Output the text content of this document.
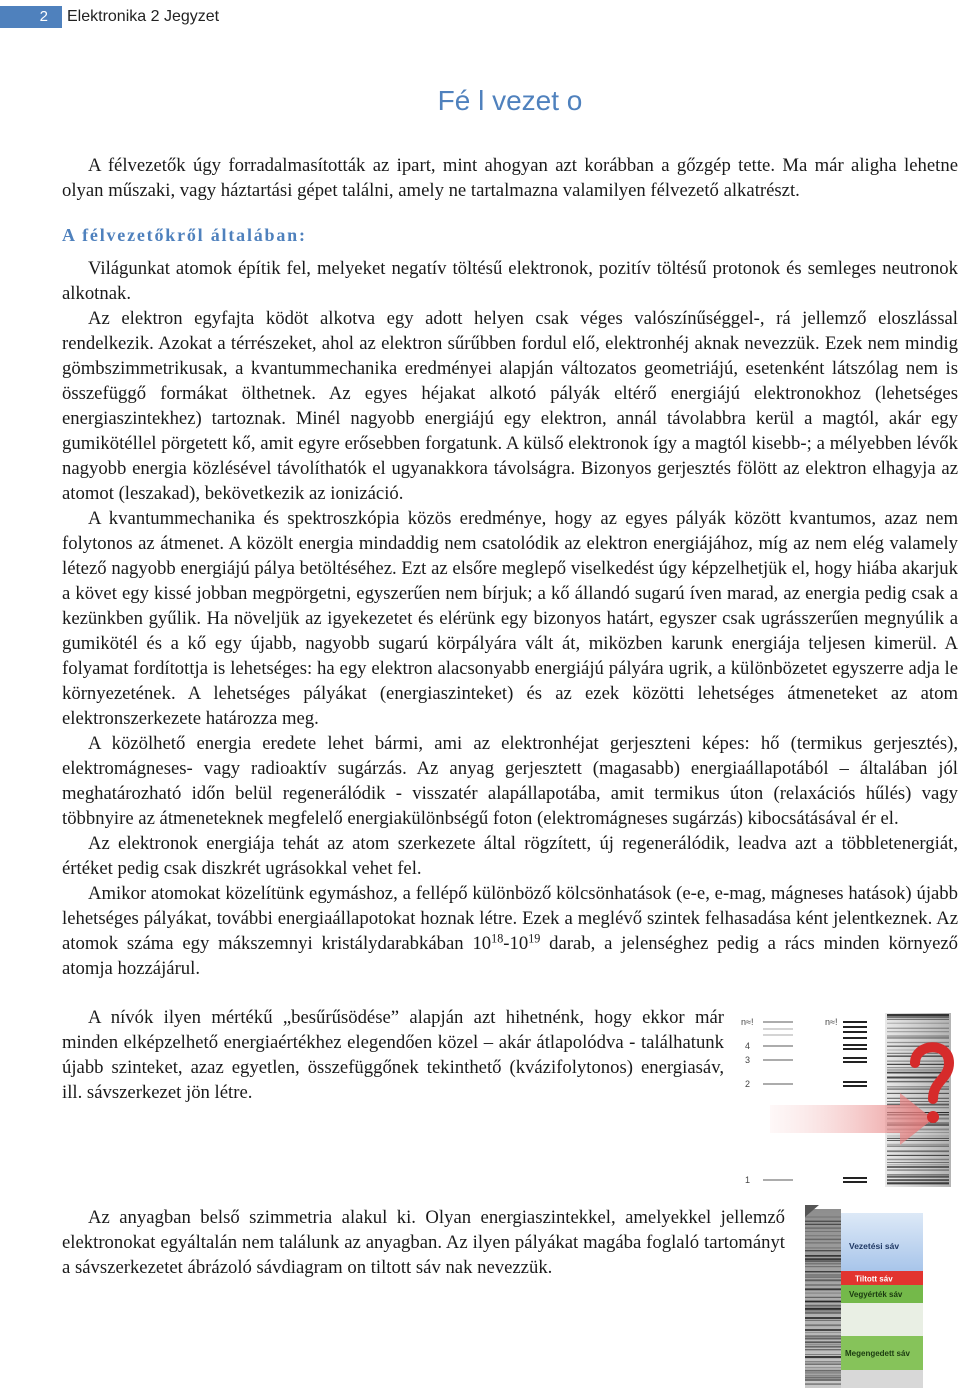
2	Elektronika 2 Jegyzet
Fé l vezet o

A félvezetők úgy forradalmasították az ipart, mint ahogyan azt korábban a gőzgép tette. Ma már aligha lehetne olyan műszaki, vagy háztartási gépet találni, amely ne tartalmazna valamilyen félvezető alkatrészt.

A félvezetőkről általában:

Világunkat atomok építik fel, melyeket negatív töltésű elektronok, pozitív töltésű protonok és semleges neutronok alkotnak.

Az elektron egyfajta ködöt alkotva egy adott helyen csak véges valószínűséggel-, rá jellemző eloszlással rendelkezik. Azokat a térrészeket, ahol az elektron sűrűbben fordul elő, elektronhéj aknak nevezzük. Ezek nem mindig gömbszimmetrikusak, a kvantummechanika eredményei alapján változatos geometriájú, esetenként látszólag nem is összefüggő formákat ölthetnek. Az egyes héjakat alkotó pályák eltérő energiájú elektronokhoz (lehetséges energiaszintekhez) tartoznak. Minél nagyobb energiájú egy elektron, annál távolabbra kerül a magtól, akár egy gumikötéllel pörgetett kő, amit egyre erősebben forgatunk. A külső elektronok így a magtól kisebb-; a mélyebben lévők nagyobb energia közlésével távolíthatók el ugyanakkora távolságra. Bizonyos gerjesztés fölött az elektron elhagyja az atomot (leszakad), bekövetkezik az ionizáció.

A kvantummechanika és spektroszkópia közös eredménye, hogy az egyes pályák között kvantumos, azaz nem folytonos az átmenet. A közölt energia mindaddig nem csatolódik az elektron energiájához, míg az nem elég valamely létező nagyobb energiájú pálya betöltéséhez. Ezt az elsőre meglepő viselkedést úgy képzelhetjük el, hogy hiába akarjuk a követ egy kissé jobban megpörgetni, egyszerűen nem bírjuk; a kő állandó sugarú íven marad, az energia pedig csak a kezünkben gyűlik. Ha növeljük az igyekezetet és elérünk egy bizonyos határt, egyszer csak ugrásszerűen megnyúlik a gumikötél és a kő egy újabb, nagyobb sugarú körpályára vált át, miközben karunk energiája teljesen kimerül. A folyamat fordítottja is lehetséges: ha egy elektron alacsonyabb energiájú pályára ugrik, a különbözetet egyszerre adja le környezetének. A lehetséges pályákat (energiaszinteket) és az ezek közötti lehetséges átmeneteket az atom elektronszerkezete határozza meg.

A közölhető energia eredete lehet bármi, ami az elektronhéjat gerjeszteni képes: hő (termikus gerjesztés), elektromágneses- vagy radioaktív sugárzás. Az anyag gerjesztett (magasabb) energiaállapotából – általában jól meghatározható időn belül regenerálódik - visszatér alapállapotába, amit termikus úton (relaxációs hűlés) vagy többnyire az átmeneteknek megfelelő energiakülönbségű foton (elektromágneses sugárzás) kibocsátásával ér el.

Az elektronok energiája tehát az atom szerkezete által rögzített, új regenerálódik, leadva azt a többletenergiát, értéket pedig csak diszkrét ugrásokkal vehet fel.

Amikor atomokat közelítünk egymáshoz, a fellépő különböző kölcsönhatások (e-e, e-mag, mágneses hatások) újabb lehetséges pályákat, további energiaállapotokat hoznak létre. Ezek a meglévő szintek felhasadása ként jelentkeznek. Az atomok száma egy mákszemnyi kristálydarabkában $10^{18}-10^{19}$ darab, a jelenséghez pedig a rács minden környező atomja hozzájárul.

A nívók ilyen mértékű „besűrűsödése” alapján azt hihetnénk, hogy ekkor már minden elképzelhető energiaértékhez elegendően közel – akár átlapolódva - találhatunk újabb szinteket, azaz egyetlen, összefüggőnek tekinthető (kvázifolytonos) energiasáv, ill. sávszerkezet jön létre.

n≈!
4
3
2
1
n≈!

Az anyagban belső szimmetria alakul ki. Olyan energiaszintekkel, amelyekkel jellemző elektronokat egyáltalán nem találunk az anyagban. Az ilyen pályákat magába foglaló tartományt a sávszerkezetet ábrázoló sávdiagram on tiltott sáv nak nevezzük.

Vezetési sáv
Tiltott sáv
Vegyérték sáv
Megengedett sáv
